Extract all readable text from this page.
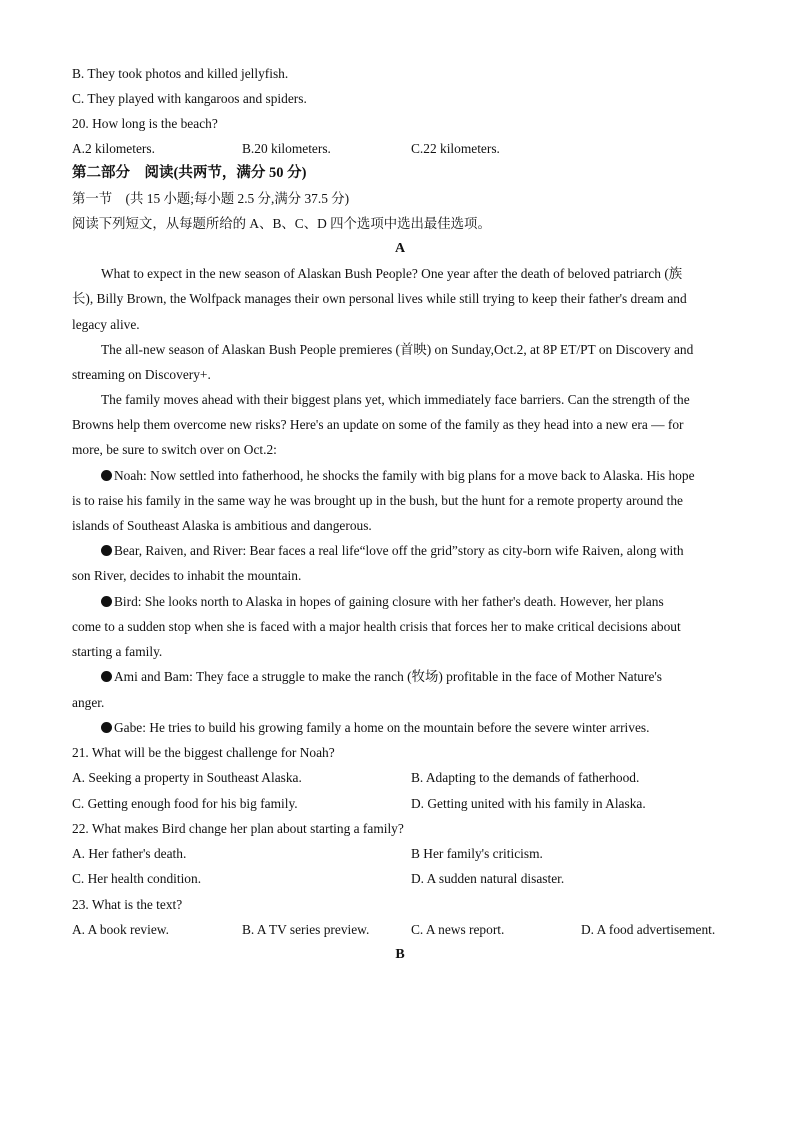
B. They took photos and killed jellyfish.
C. They played with kangaroos and spiders.
20. How long is the beach?
A.2 kilometers.	B.20 kilometers.	C.22 kilometers.
第二部分　阅读(共两节，满分 50 分)
第一节　(共 15 小题;每小题 2.5 分,满分 37.5 分)
阅读下列短文，从每题所给的 A、B、C、D 四个选项中选出最佳选项。
A
What to expect in the new season of Alaskan Bush People? One year after the death of beloved patriarch (族
长), Billy Brown, the Wolfpack manages their own personal lives while still trying to keep their father's dream and
legacy alive.
The all-new season of Alaskan Bush People premieres (首映) on Sunday,Oct.2, at 8P ET/PT on Discovery and
streaming on Discovery+.
The family moves ahead with their biggest plans yet, which immediately face barriers. Can the strength of the
Browns help them overcome new risks? Here's an update on some of the family as they head into a new era — for
more, be sure to switch over on Oct.2:
Noah: Now settled into fatherhood, he shocks the family with big plans for a move back to Alaska. His hope
is to raise his family in the same way he was brought up in the bush, but the hunt for a remote property around the
islands of Southeast Alaska is ambitious and dangerous.
Bear, Raiven, and River: Bear faces a real life“love off the grid”story as city-born wife Raiven, along with
son River, decides to inhabit the mountain.
Bird: She looks north to Alaska in hopes of gaining closure with her father's death. However, her plans
come to a sudden stop when she is faced with a major health crisis that forces her to make critical decisions about
starting a family.
Ami and Bam: They face a struggle to make the ranch (牧场) profitable in the face of Mother Nature's
anger.
Gabe: He tries to build his growing family a home on the mountain before the severe winter arrives.
21. What will be the biggest challenge for Noah?
A. Seeking a property in Southeast Alaska.	B. Adapting to the demands of fatherhood.
C. Getting enough food for his big family.	D. Getting united with his family in Alaska.
22. What makes Bird change her plan about starting a family?
A. Her father's death.	B Her family's criticism.
C. Her health condition.	D. A sudden natural disaster.
23. What is the text?
A. A book review.	B. A TV series preview.	C. A news report.	D. A food advertisement.
B
